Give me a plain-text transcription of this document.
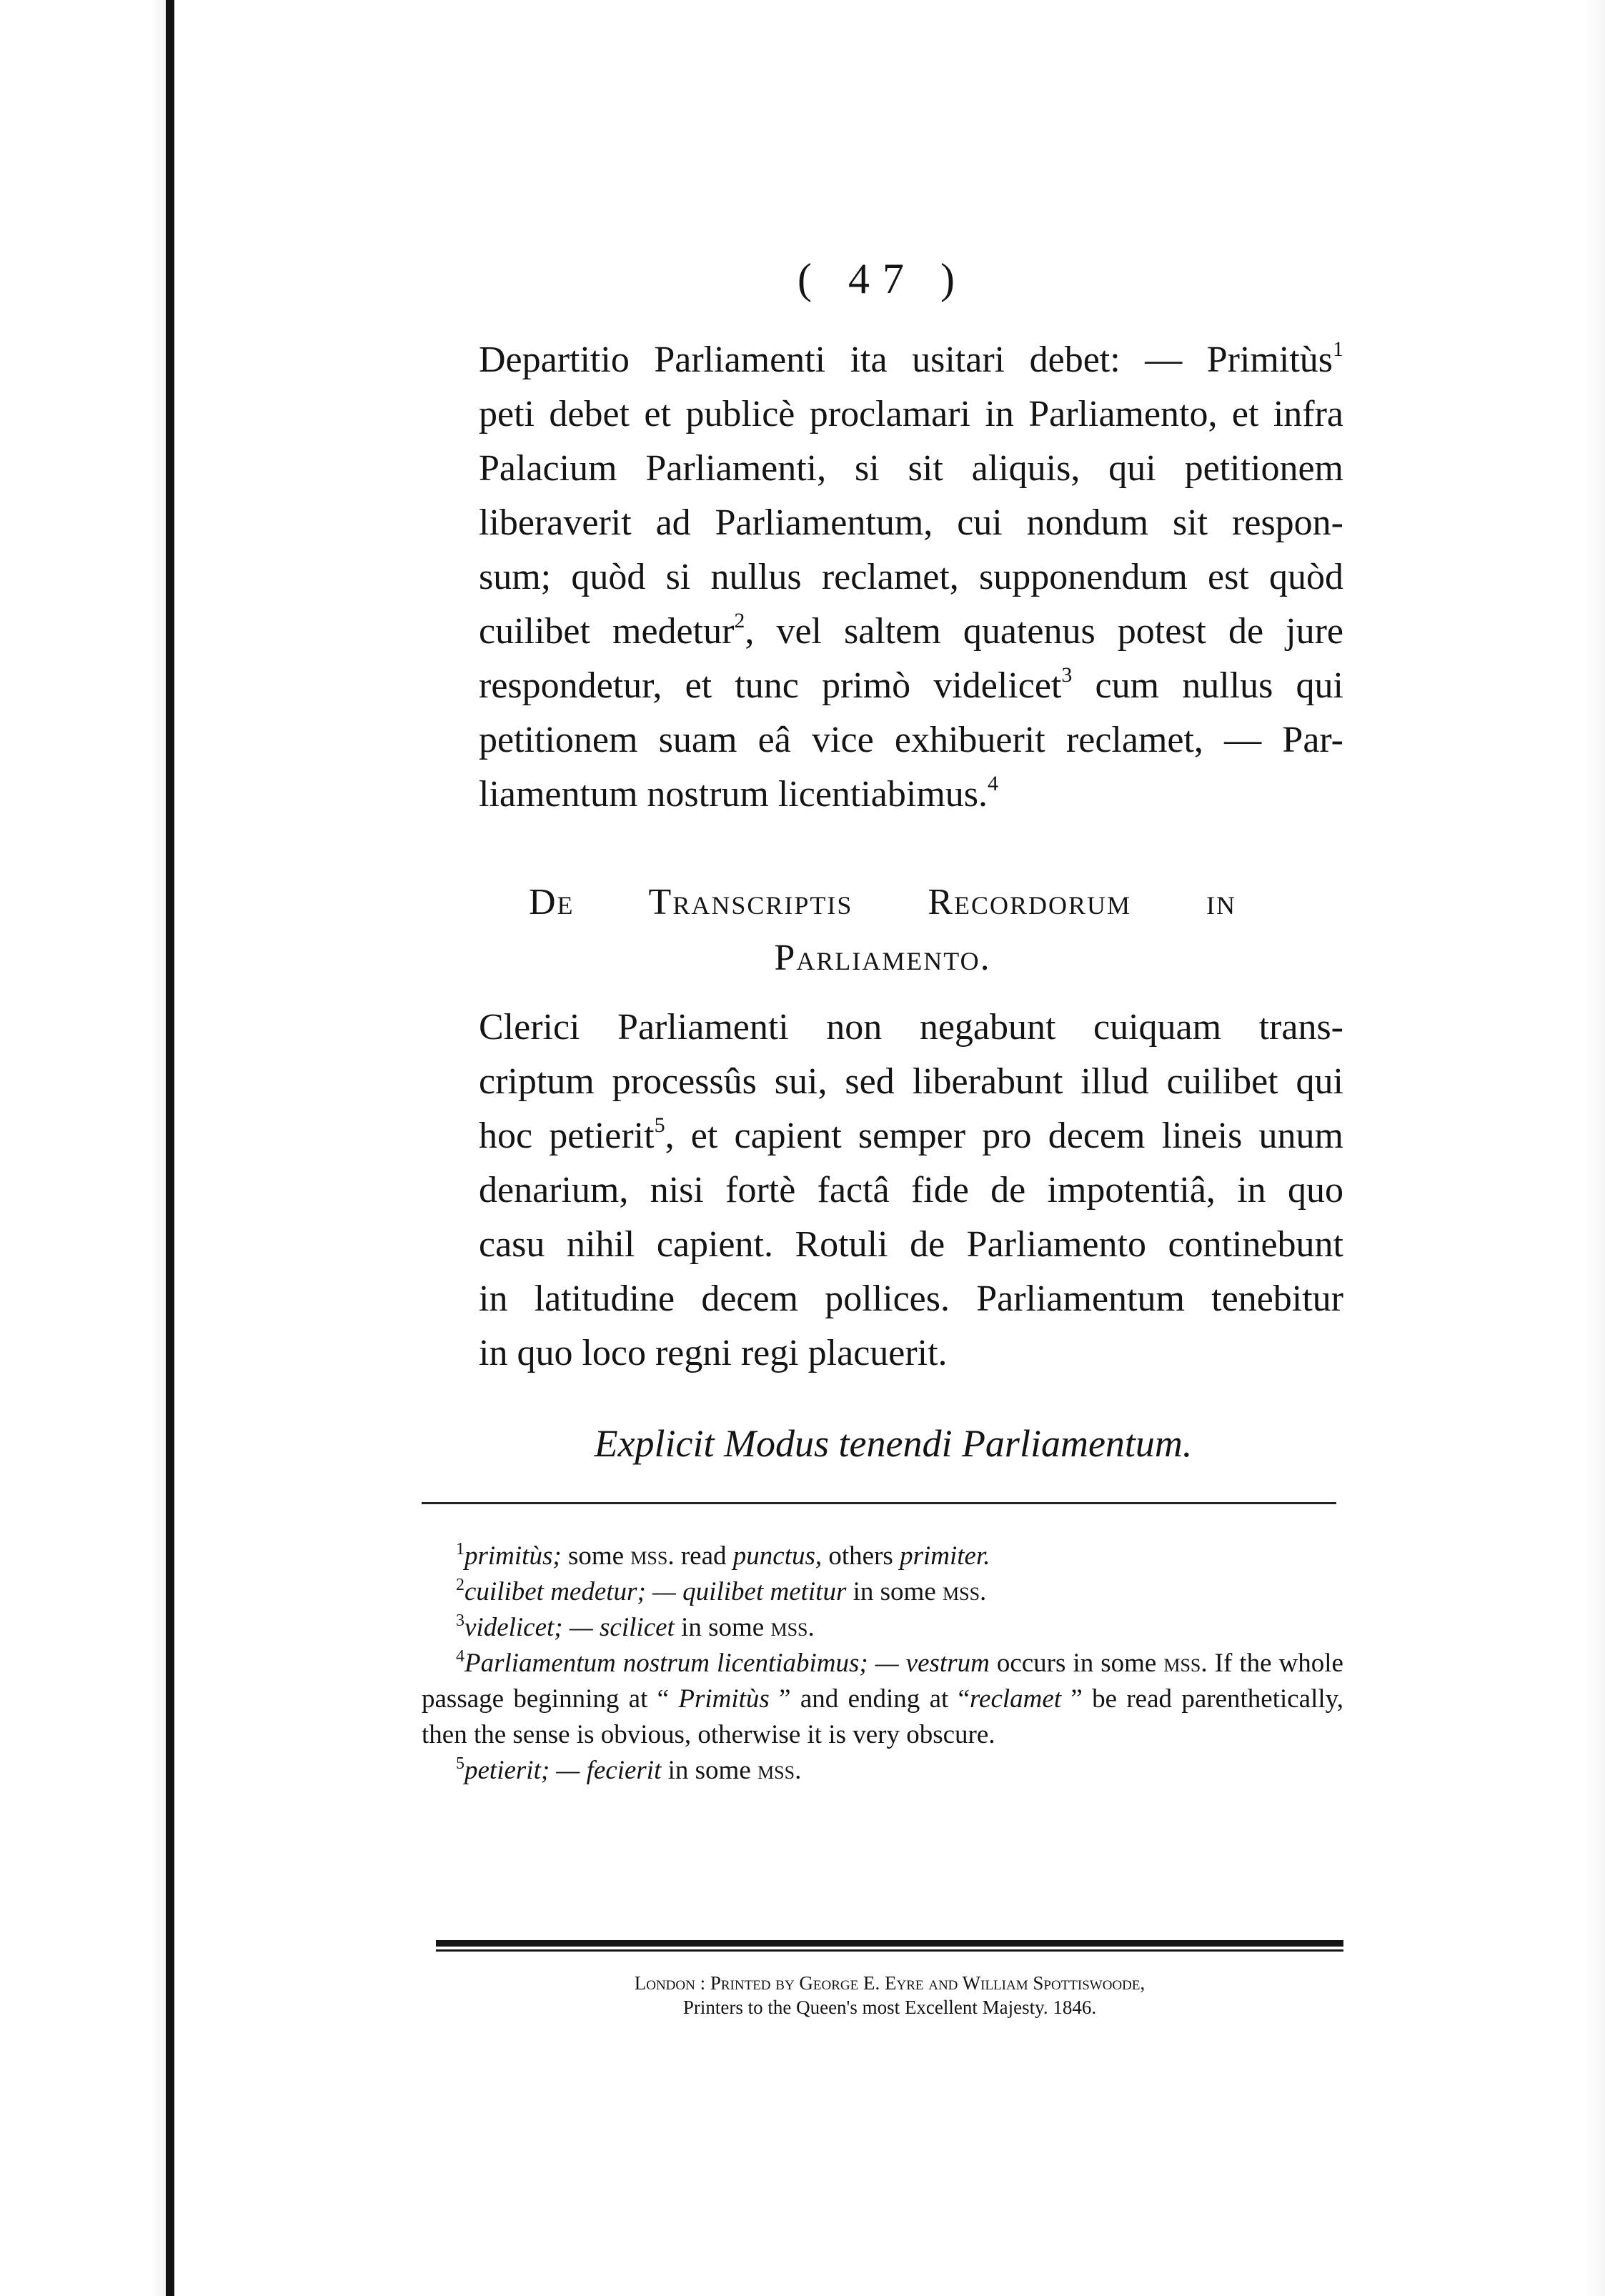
( 47 )

Departitio Parliamenti ita usitari debet: — Primitùs$^1$
peti debet et publicè proclamari in Parliamento, et infra
Palacium Parliamenti, si sit aliquis, qui petitionem
liberaverit ad Parliamentum, cui nondum sit respon-
sum; quòd si nullus reclamet, supponendum est quòd
cuilibet medetur$^2$, vel saltem quatenus potest de jure
respondetur, et tunc primò videlicet$^3$ cum nullus qui
petitionem suam eâ vice exhibuerit reclamet, — Par-
liamentum nostrum licentiabimus.$^4$

De Transcriptis Recordorum in
Parliamento.

Clerici Parliamenti non negabunt cuiquam trans-
criptum processûs sui, sed liberabunt illud cuilibet qui
hoc petierit$^5$, et capient semper pro decem lineis unum
denarium, nisi fortè factâ fide de impotentiâ, in quo
casu nihil capient. Rotuli de Parliamento continebunt
in latitudine decem pollices. Parliamentum tenebitur
in quo loco regni regi placuerit.

Explicit Modus tenendi Parliamentum.

$^1$primitùs; some mss. read punctus, others primiter.

$^2$cuilibet medetur; — quilibet metitur in some mss.

$^3$videlicet; — scilicet in some mss.

$^4$Parliamentum nostrum licentiabimus; — vestrum occurs in some mss. If the whole passage beginning at “ Primitùs ” and ending at “reclamet ” be read parenthetically, then the sense is obvious, otherwise it is very obscure.

$^5$petierit; — fecierit in some mss.

London : Printed by George E. Eyre and William Spottiswoode,
Printers to the Queen's most Excellent Majesty. 1846.
